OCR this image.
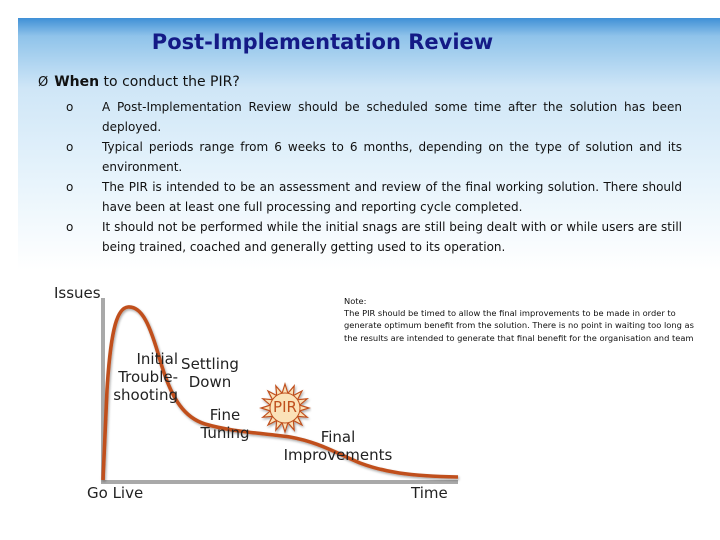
Post-Implementation Review
Ø When to conduct the PIR?
o A Post-Implementation Review should be scheduled some time after the solution has been deployed.
o Typical periods range from 6 weeks to 6 months, depending on the type of solution and its environment.
o The PIR is intended to be an assessment and review of the final working solution. There should have been at least one full processing and reporting cycle completed.
o It should not be performed while the initial snags are still being dealt with or while users are still being trained, coached and generally getting used to its operation.
Issues
Go Live	Time
Initial
Trouble-
shooting
Settling
Down
Fine
Tuning	Final
Improvements
PIR
Note:
The PIR should be timed to allow the final improvements to be made in order to generate optimum benefit from the solution. There is no point in waiting too long as the results are intended to generate that final benefit for the organisation and team
